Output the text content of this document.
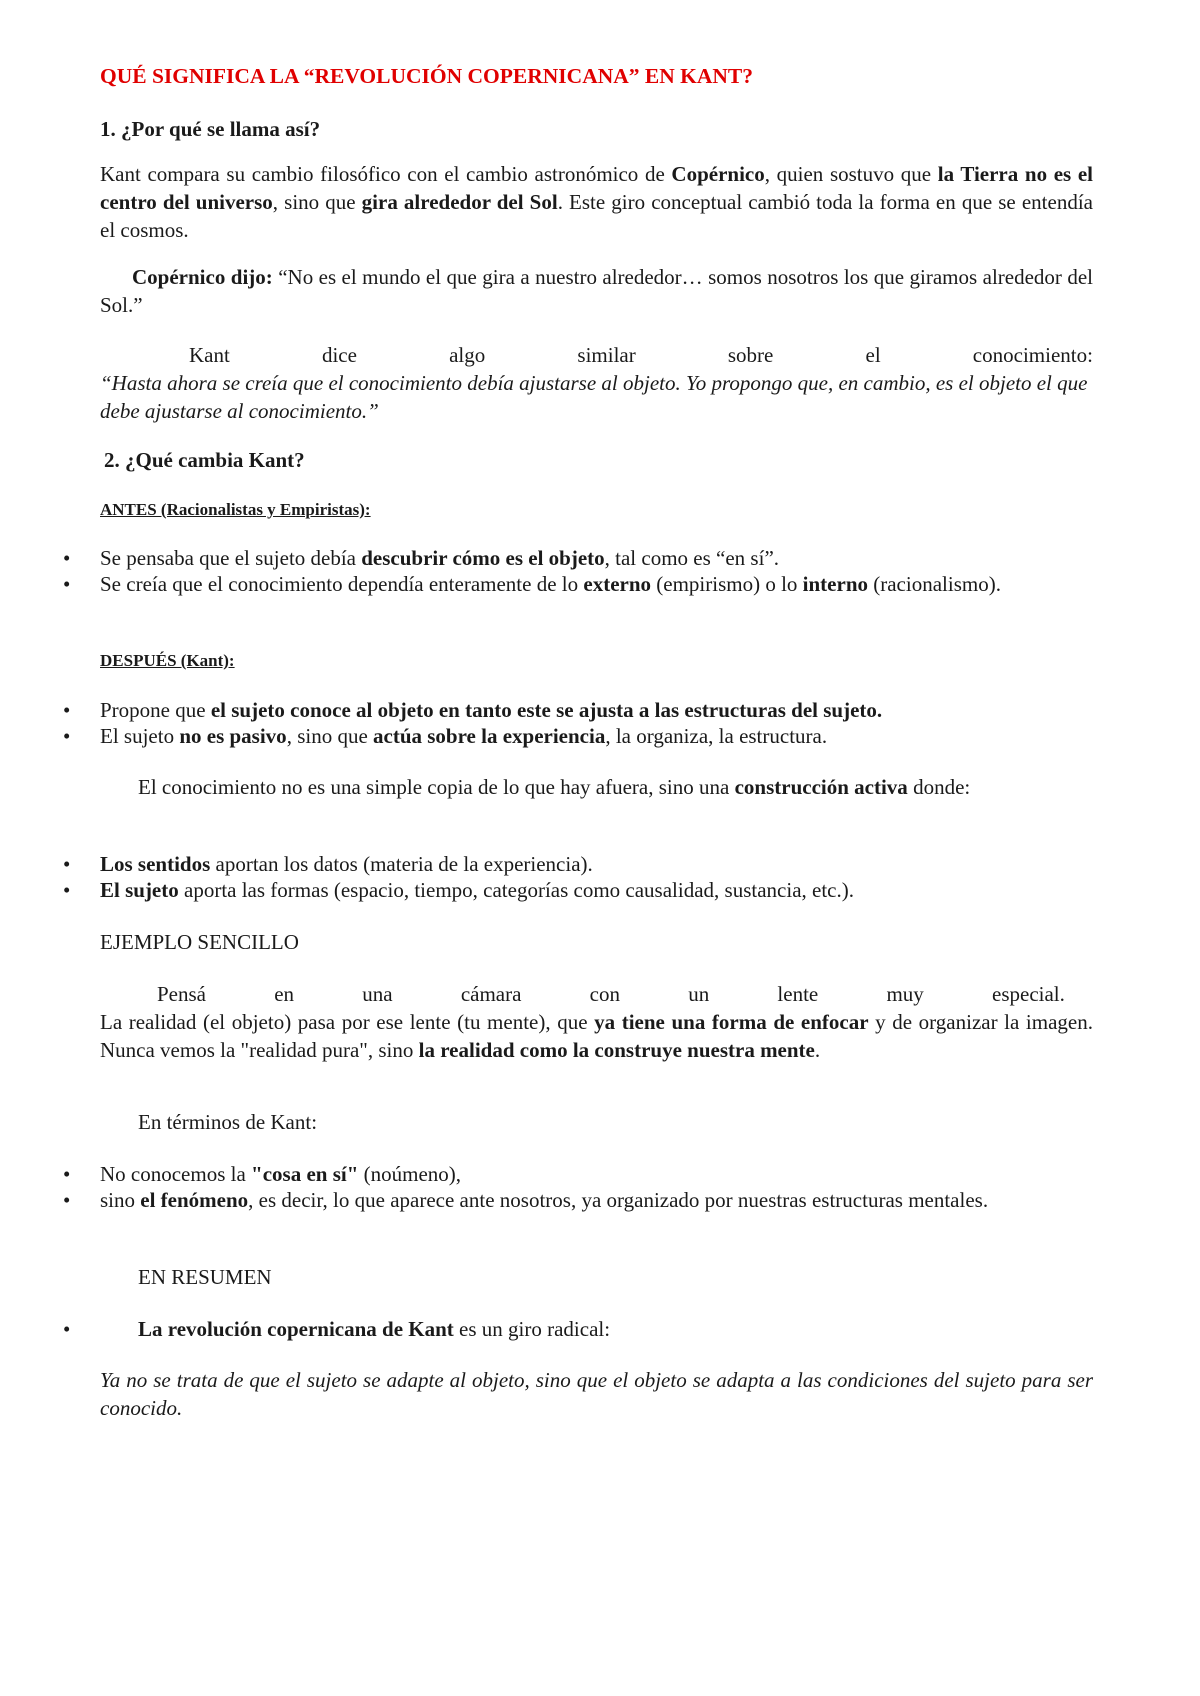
QUÉ SIGNIFICA LA “REVOLUCIÓN COPERNICANA” EN KANT?
1. ¿Por qué se llama así?
Kant compara su cambio filosófico con el cambio astronómico de Copérnico, quien sostuvo que la Tierra no es el centro del universo, sino que gira alrededor del Sol. Este giro conceptual cambió toda la forma en que se entendía el cosmos.
Copérnico dijo: “No es el mundo el que gira a nuestro alrededor… somos nosotros los que giramos alrededor del Sol.”
Kant	dice	algo	similar	sobre	el	conocimiento:
“Hasta ahora se creía que el conocimiento debía ajustarse al objeto. Yo propongo que, en cambio, es el objeto el que debe ajustarse al conocimiento.”
2. ¿Qué cambia Kant?
ANTES (Racionalistas y Empiristas):
• Se pensaba que el sujeto debía descubrir cómo es el objeto, tal como es “en sí”.
• Se creía que el conocimiento dependía enteramente de lo externo (empirismo) o lo interno (racionalismo).
DESPUÉS (Kant):
• Propone que el sujeto conoce al objeto en tanto este se ajusta a las estructuras del sujeto.
• El sujeto no es pasivo, sino que actúa sobre la experiencia, la organiza, la estructura.
El conocimiento no es una simple copia de lo que hay afuera, sino una construcción activa donde:
• Los sentidos aportan los datos (materia de la experiencia).
• El sujeto aporta las formas (espacio, tiempo, categorías como causalidad, sustancia, etc.).
EJEMPLO SENCILLO
Pensá	en	una	cámara	con	un	lente	muy	especial.
La realidad (el objeto) pasa por ese lente (tu mente), que ya tiene una forma de enfocar y de organizar la imagen. Nunca vemos la "realidad pura", sino la realidad como la construye nuestra mente.
En términos de Kant:
• No conocemos la "cosa en sí" (noúmeno),
• sino el fenómeno, es decir, lo que aparece ante nosotros, ya organizado por nuestras estructuras mentales.
EN RESUMEN
•	La revolución copernicana de Kant es un giro radical:
Ya no se trata de que el sujeto se adapte al objeto, sino que el objeto se adapta a las condiciones del sujeto para ser conocido.
